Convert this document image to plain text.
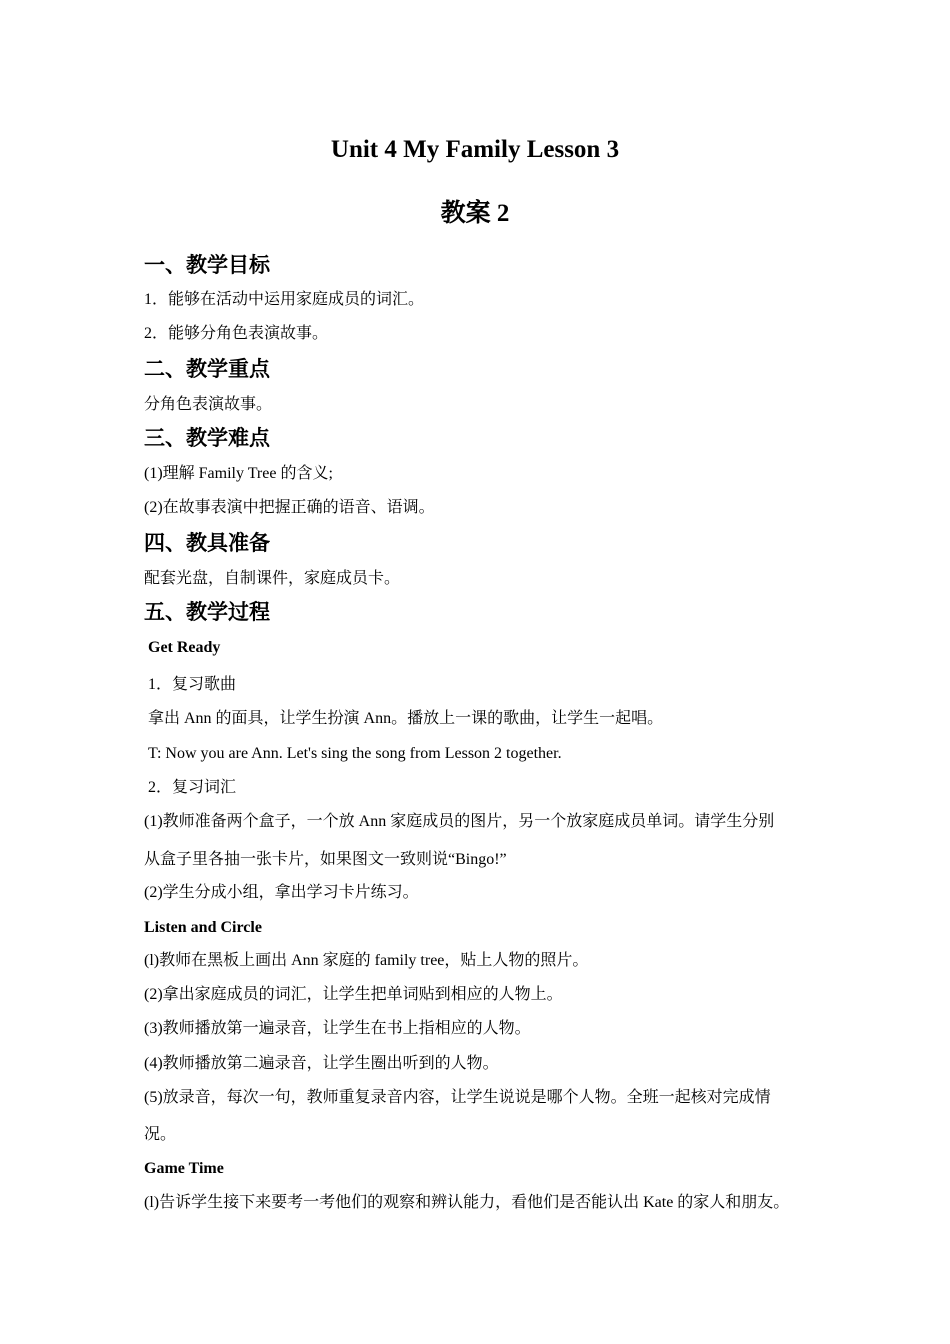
Unit 4 My Family Lesson 3
教案 2
一、教学目标
1．能够在活动中运用家庭成员的词汇。
2．能够分角色表演故事。
二、教学重点
分角色表演故事。
三、教学难点
(1)理解 Family Tree 的含义;
(2)在故事表演中把握正确的语音、语调。
四、教具准备
配套光盘，自制课件，家庭成员卡。
五、教学过程
Get Ready
1．复习歌曲
拿出 Ann 的面具，让学生扮演 Ann。播放上一课的歌曲，让学生一起唱。
T: Now you are Ann. Let's sing the song from Lesson 2 together.
2．复习词汇
(1)教师准备两个盒子，一个放 Ann 家庭成员的图片，另一个放家庭成员单词。请学生分别
从盒子里各抽一张卡片，如果图文一致则说“Bingo!”
(2)学生分成小组，拿出学习卡片练习。
Listen and Circle
(l)教师在黑板上画出 Ann 家庭的 family tree，贴上人物的照片。
(2)拿出家庭成员的词汇，让学生把单词贴到相应的人物上。
(3)教师播放第一遍录音，让学生在书上指相应的人物。
(4)教师播放第二遍录音，让学生圈出听到的人物。
(5)放录音，每次一句，教师重复录音内容，让学生说说是哪个人物。全班一起核对完成情
况。
Game Time
(l)告诉学生接下来要考一考他们的观察和辨认能力，看他们是否能认出 Kate 的家人和朋友。
